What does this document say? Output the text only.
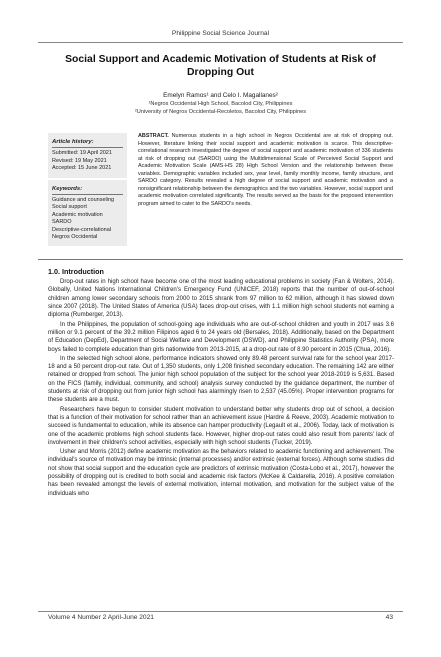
Philippine Social Science Journal
Social Support and Academic Motivation of Students at Risk of
Dropping Out
Emelyn Ramos¹ and Celo I. Magallanes²
¹Negros Occidental High School, Bacolod City, Philippines
²University of Negros Occidental-Recoletos, Bacolod City, Philippines
Article history:
Submitted: 19 April 2021
Revised: 19 May 2021
Accepted: 15 June 2021
Keywords:
Guidance and counseling
Social support
Academic motivation
SARDO
Descriptive-correlational
Negros Occidental
ABSTRACT. Numerous students in a high school in Negros Occidental are at risk of dropping out. However, literature linking their social support and academic motivation is scarce. This descriptive-correlational research investigated the degree of social support and academic motivation of 336 students at risk of dropping out (SARDO) using the Multidimensional Scale of Perceived Social Support and Academic Motivation Scale (AMS-HS 28) High School Version and the relationship between these variables. Demographic variables included sex, year level, family monthly income, family structure, and SARDO category. Results revealed a high degree of social support and academic motivation and a nonsignificant relationship between the demographics and the two variables. However, social support and academic motivation correlated significantly. The results served as the basis for the proposed intervention program aimed to cater to the SARDO's needs.
1.0. Introduction

Drop-out rates in high school have become one of the most leading educational problems in society (Fan & Wolters, 2014). Globally, United Nations International Children's Emergency Fund (UNICEF, 2018) reports that the number of out-of-school children among lower secondary schools from 2000 to 2015 shrank from 97 million to 62 million, although it has slowed down since 2007 (2018). The United States of America (USA) faces drop-out crises, with 1.1 million high school students not earning a diploma (Rumberger, 2013).

In the Philippines, the population of school-going age individuals who are out-of-school children and youth in 2017 was 3.6 million or 9.1 percent of the 39.2 million Filipinos aged 6 to 24 years old (Bersales, 2018). Additionally, based on the Department of Education (DepEd), Department of Social Welfare and Development (DSWD), and Philippine Statistics Authority (PSA), more boys failed to complete education than girls nationwide from 2013-2015, at a drop-out rate of 8.90 percent in 2015 (Chua, 2016).

In the selected high school alone, performance indicators showed only 89.48 percent survival rate for the school year 2017-18 and a 50 percent drop-out rate. Out of 1,350 students, only 1,208 finished secondary education. The remaining 142 are either retained or dropped from school. The junior high school population of the subject for the school year 2018-2019 is 5,631. Based on the FICS (family, individual, community, and school) analysis survey conducted by the guidance department, the number of students at risk of dropping out from junior high school has alarmingly risen to 2,537 (45.05%). Proper intervention programs for these students are a must.

Researchers have begun to consider student motivation to understand better why students drop out of school, a decision that is a function of their motivation for school rather than an achievement issue (Hardre & Reeve, 2003). Academic motivation to succeed is fundamental to education, while its absence can hamper productivity (Legault et al., 2006). Today, lack of motivation is one of the academic problems high school students face. However, higher drop-out rates could also result from parents' lack of involvement in their children's school activities, especially with high school students (Tucker, 2019).

Usher and Morris (2012) define academic motivation as the behaviors related to academic functioning and achievement. The individual's source of motivation may be intrinsic (internal processes) and/or extrinsic (external forces). Although some studies did not show that social support and the education cycle are predictors of extrinsic motivation (Costa-Lobo et al., 2017), however the possibility of dropping out is credited to both social and academic risk factors (McKee & Caldarella, 2016). A positive correlation has been revealed amongst the levels of external motivation, internal motivation, and motivation for the subject value of the individuals who

Volume 4 Number 2 April-June 2021	43
